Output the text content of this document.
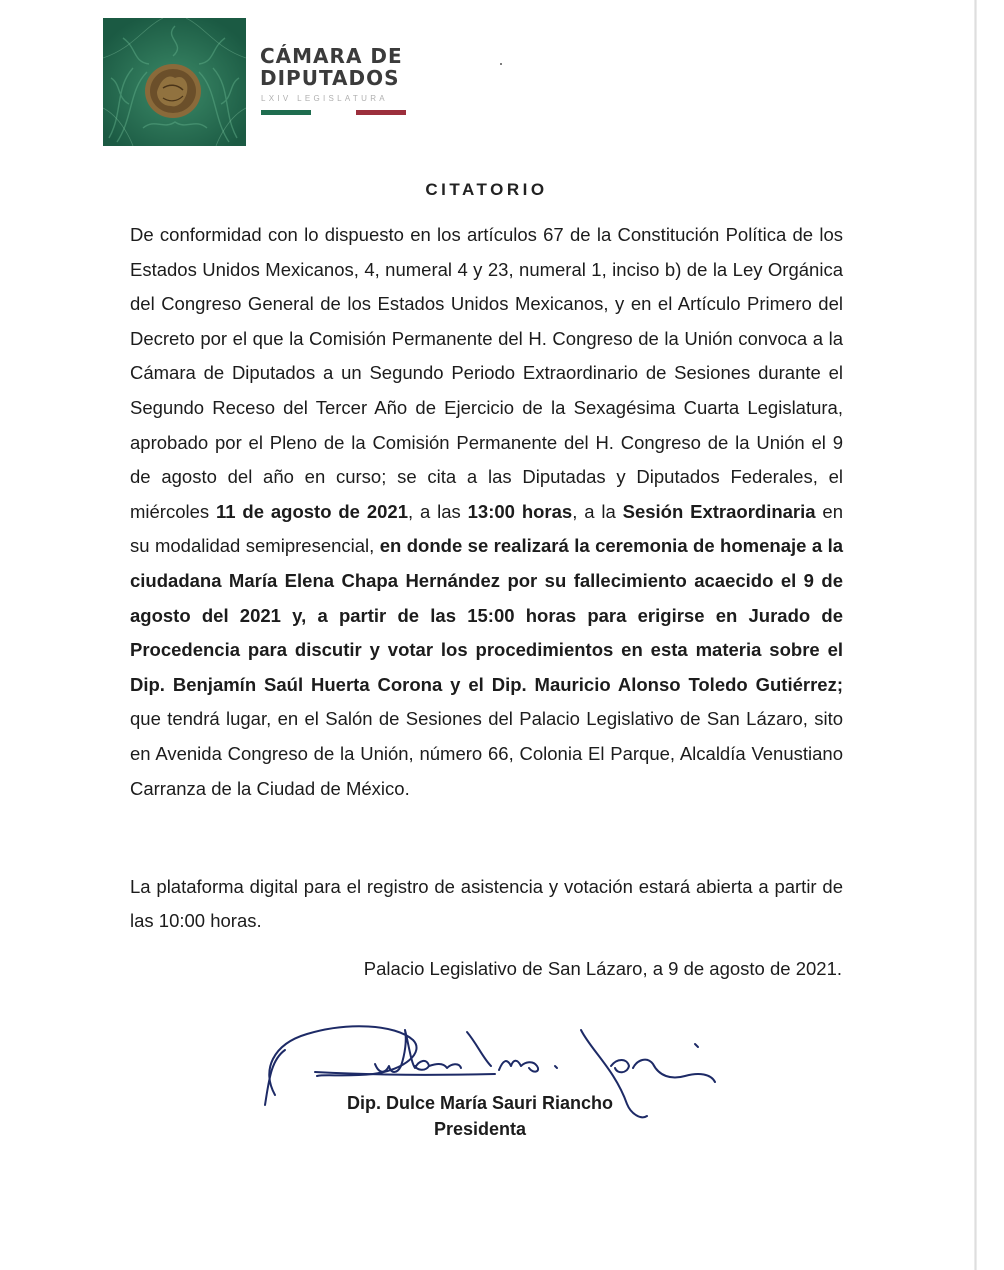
CÁMARA DE
DIPUTADOS

LXIV LEGISLATURA
CITATORIO

De conformidad con lo dispuesto en los artículos 67 de la Constitución Política de los Estados Unidos Mexicanos, 4, numeral 4 y 23, numeral 1, inciso b) de la Ley Orgánica del Congreso General de los Estados Unidos Mexicanos, y en el Artículo Primero del Decreto por el que la Comisión Permanente del H. Congreso de la Unión convoca a la Cámara de Diputados a un Segundo Periodo Extraordinario de Sesiones durante el Segundo Receso del Tercer Año de Ejercicio de la Sexagésima Cuarta Legislatura, aprobado por el Pleno de la Comisión Permanente del H. Congreso de la Unión el 9 de agosto del año en curso; se cita a las Diputadas y Diputados Federales, el miércoles 11 de agosto de 2021, a las 13:00 horas, a la Sesión Extraordinaria en su modalidad semipresencial, en donde se realizará la ceremonia de homenaje a la ciudadana María Elena Chapa Hernández por su fallecimiento acaecido el 9 de agosto del 2021 y, a partir de las 15:00 horas para erigirse en Jurado de Procedencia para discutir y votar los procedimientos en esta materia sobre el Dip. Benjamín Saúl Huerta Corona y el Dip. Mauricio Alonso Toledo Gutiérrez; que tendrá lugar, en el Salón de Sesiones del Palacio Legislativo de San Lázaro, sito en Avenida Congreso de la Unión, número 66, Colonia El Parque, Alcaldía Venustiano Carranza de la Ciudad de México.

La plataforma digital para el registro de asistencia y votación estará abierta a partir de las 10:00 horas.

Palacio Legislativo de San Lázaro, a 9 de agosto de 2021.

Dip. Dulce María Sauri Riancho

Presidenta
